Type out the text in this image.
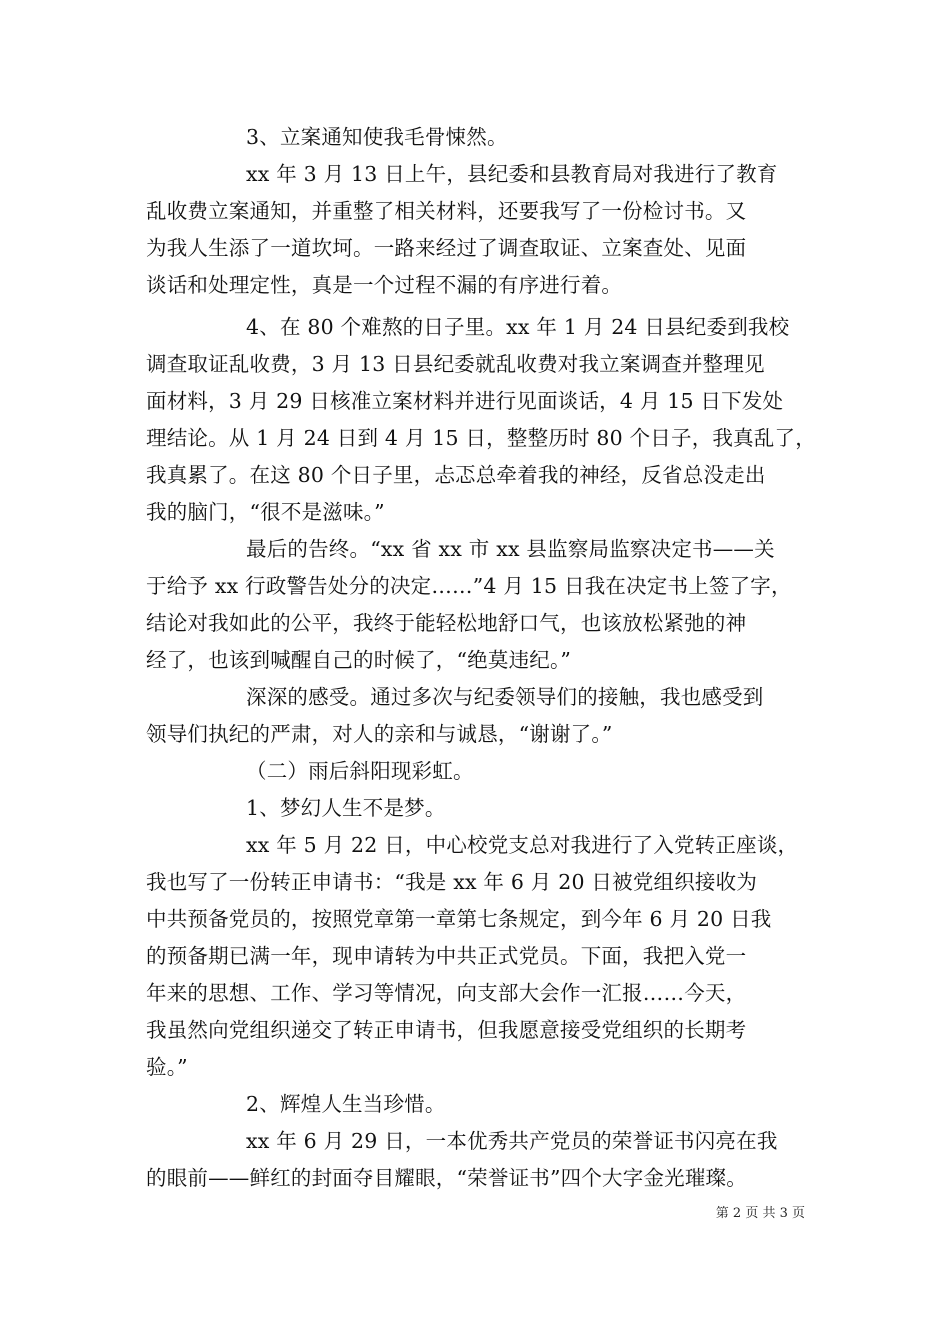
3、立案通知使我毛骨悚然。
xx 年 3 月 13 日上午，县纪委和县教育局对我进行了教育
乱收费立案通知，并重整了相关材料，还要我写了一份检讨书。又
为我人生添了一道坎坷。一路来经过了调查取证、立案查处、见面
谈话和处理定性，真是一个过程不漏的有序进行着。
4、在 80 个难熬的日子里。xx 年 1 月 24 日县纪委到我校
调查取证乱收费，3 月 13 日县纪委就乱收费对我立案调查并整理见
面材料，3 月 29 日核准立案材料并进行见面谈话，4 月 15 日下发处
理结论。从 1 月 24 日到 4 月 15 日，整整历时 80 个日子，我真乱了，
我真累了。在这 80 个日子里，忐忑总牵着我的神经，反省总没走出
我的脑门，“很不是滋味。”
最后的告终。“xx 省 xx 市 xx 县监察局监察决定书——关
于给予 xx 行政警告处分的决定……”4 月 15 日我在决定书上签了字，
结论对我如此的公平，我终于能轻松地舒口气，也该放松紧弛的神
经了，也该到喊醒自己的时候了，“绝莫违纪。”
深深的感受。通过多次与纪委领导们的接触，我也感受到
领导们执纪的严肃，对人的亲和与诚恳，“谢谢了。”
（二）雨后斜阳现彩虹。
1、梦幻人生不是梦。
xx 年 5 月 22 日，中心校党支总对我进行了入党转正座谈，
我也写了一份转正申请书：“我是 xx 年 6 月 20 日被党组织接收为
中共预备党员的，按照党章第一章第七条规定，到今年 6 月 20 日我
的预备期已满一年，现申请转为中共正式党员。下面，我把入党一
年来的思想、工作、学习等情况，向支部大会作一汇报……今天，
我虽然向党组织递交了转正申请书，但我愿意接受党组织的长期考
验。”
2、辉煌人生当珍惜。
xx 年 6 月 29 日，一本优秀共产党员的荣誉证书闪亮在我
的眼前——鲜红的封面夺目耀眼，“荣誉证书”四个大字金光璀璨。
第 2 页 共 3 页
